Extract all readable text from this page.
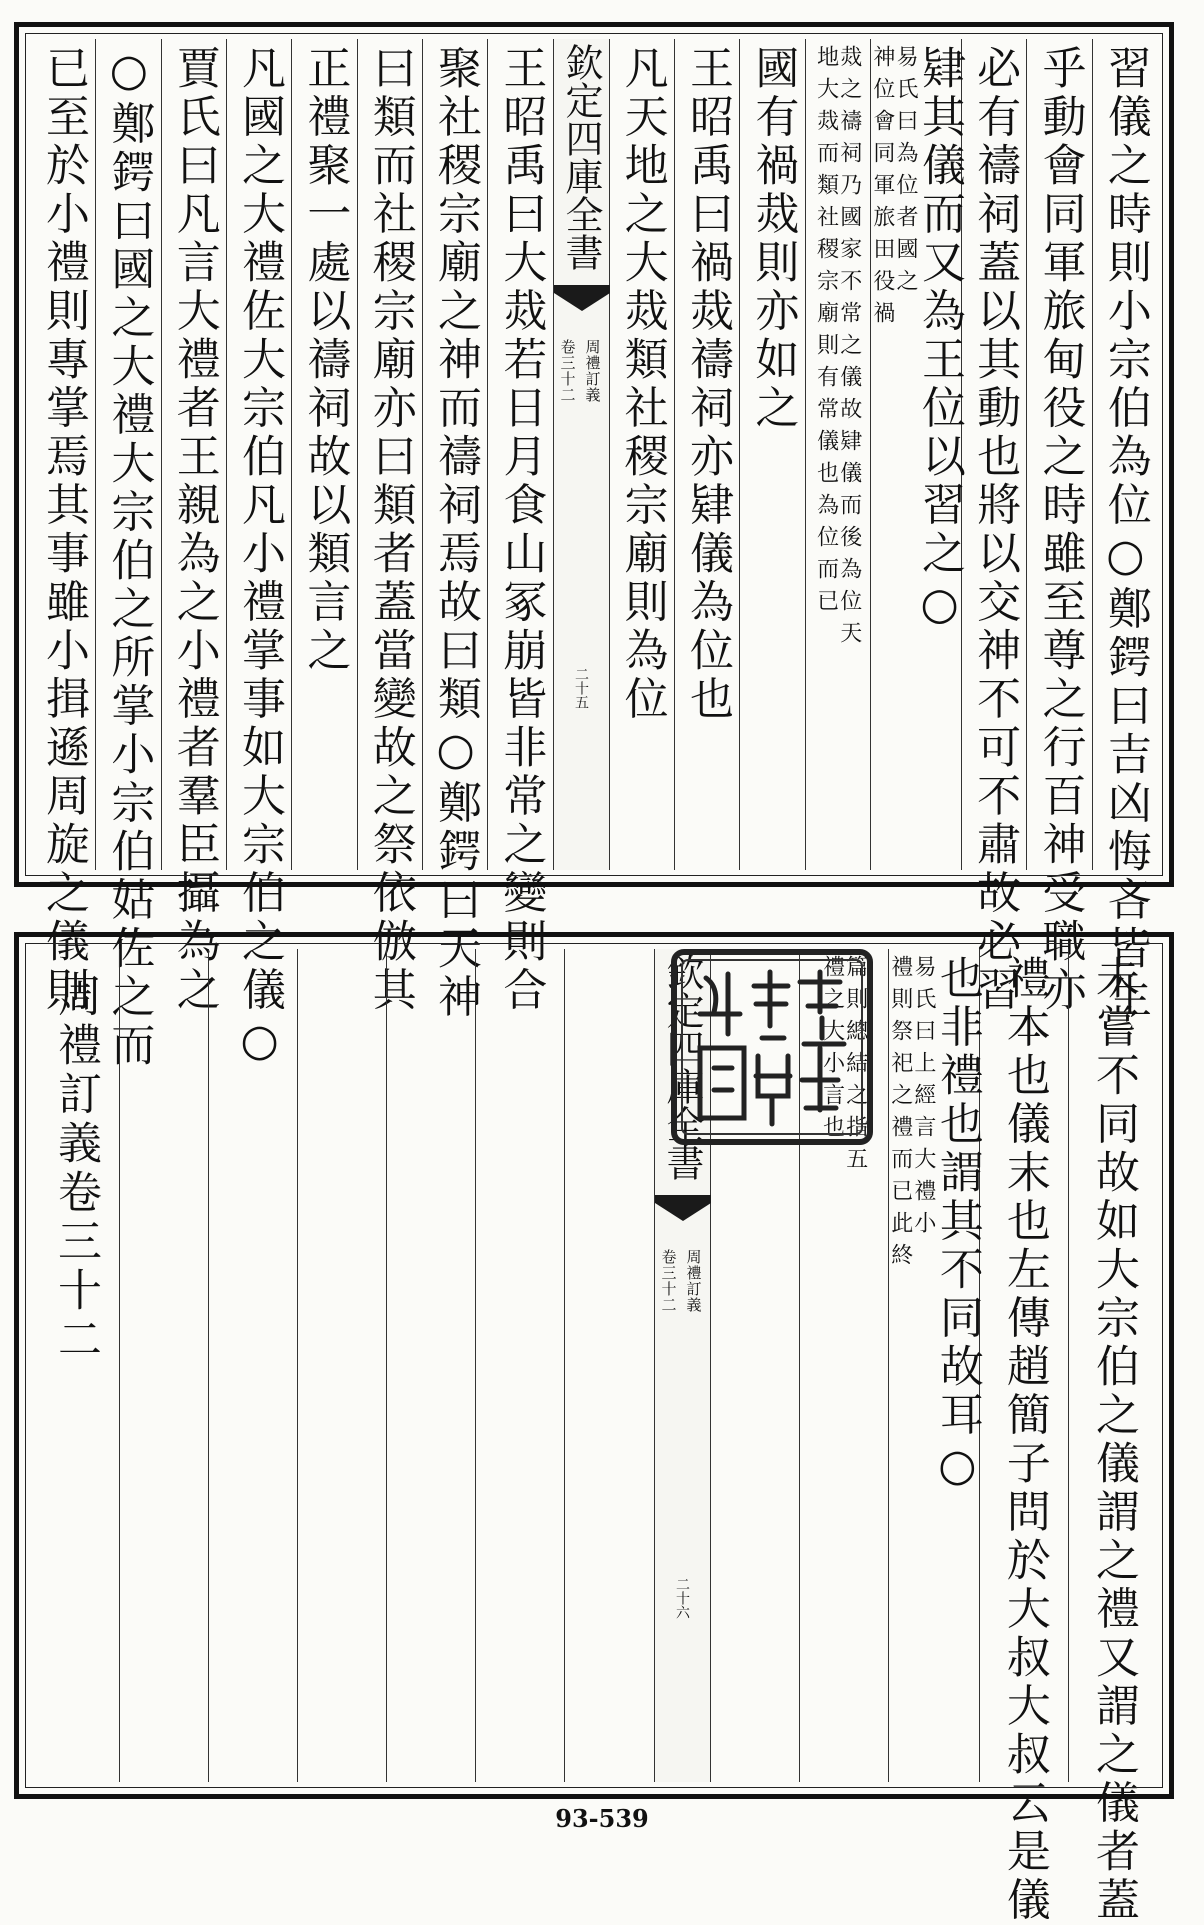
習儀之時則小宗伯為位○鄭鍔曰吉凶悔吝皆生
乎動會同軍旅甸役之時雖至尊之行百神受職亦
必有禱祠蓋以其動也將以交神不可不肅故必習
肄其儀而又為王位以習之○
易氏曰為位者國之
神位會同軍旅田役禍
烖之禱祠乃國家不常之儀故肄儀而後為位天
地大烖而類社稷宗廟則有常儀也為位而已
國有禍烖則亦如之
王昭禹曰禍烖禱祠亦肄儀為位也
凡天地之大烖類社稷宗廟則為位
欽定四庫全書
周禮訂義
卷三十二
二十五
王昭禹曰大烖若日月食山冢崩皆非常之變則合
聚社稷宗廟之神而禱祠焉故曰類○鄭鍔曰天神
曰類而社稷宗廟亦曰類者蓋當變故之祭依倣其
正禮聚一處以禱祠故以類言之
凡國之大禮佐大宗伯凡小禮掌事如大宗伯之儀○
賈氏曰凡言大禮者王親為之小禮者羣臣攝為之
○鄭鍔曰國之大禮大宗伯之所掌小宗伯姑佐之而
已至於小禮則專掌焉其事雖小揖遜周旋之儀則
未嘗不同故如大宗伯之儀謂之禮又謂之儀者蓋
禮本也儀末也左傳趙簡子問於大叔大叔云是儀
也非禮也謂其不同故耳○
易氏曰上經言大禮小
禮則祭祀之禮而已此終
篇則總結之指五
禮之大小言也
欽定四庫全書
周禮訂義
卷三十二
二十六
周禮訂義卷三十二
93-539
